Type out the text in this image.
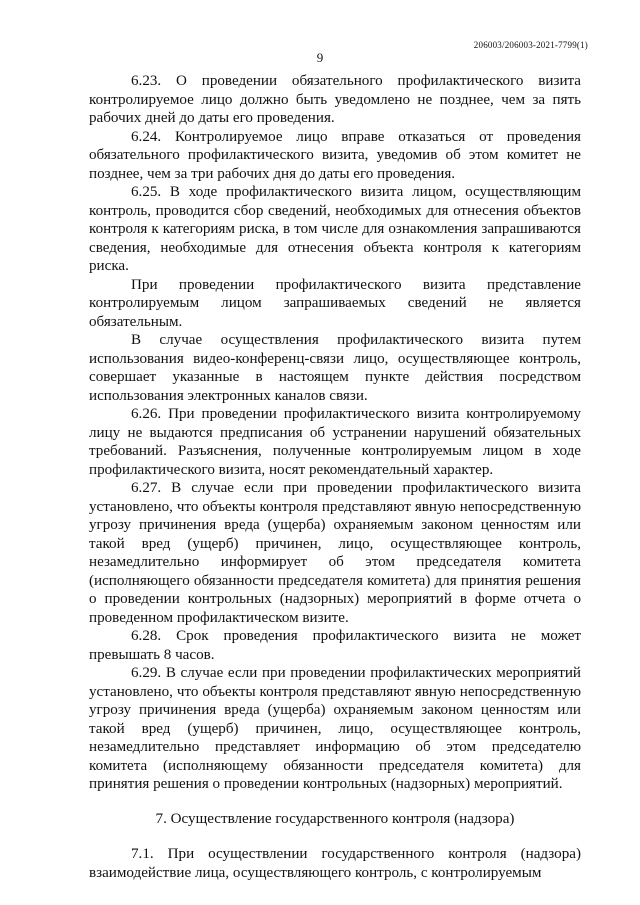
206003/206003-2021-7799(1)
9

6.23. О проведении обязательного профилактического визита контролируемое лицо должно быть уведомлено не позднее, чем за пять рабочих дней до даты его проведения.

6.24. Контролируемое лицо вправе отказаться от проведения обязательного профилактического визита, уведомив об этом комитет не позднее, чем за три рабочих дня до даты его проведения.

6.25. В ходе профилактического визита лицом, осуществляющим контроль, проводится сбор сведений, необходимых для отнесения объектов контроля к категориям риска, в том числе для ознакомления запрашиваются сведения, необходимые для отнесения объекта контроля к категориям риска.

При проведении профилактического визита представление контролируемым лицом запрашиваемых сведений не является обязательным.

В случае осуществления профилактического визита путем использования видео-конференц-связи лицо, осуществляющее контроль, совершает указанные в настоящем пункте действия посредством использования электронных каналов связи.

6.26. При проведении профилактического визита контролируемому лицу не выдаются предписания об устранении нарушений обязательных требований. Разъяснения, полученные контролируемым лицом в ходе профилактического визита, носят рекомендательный характер.

6.27. В случае если при проведении профилактического визита установлено, что объекты контроля представляют явную непосредственную угрозу причинения вреда (ущерба) охраняемым законом ценностям или такой вред (ущерб) причинен, лицо, осуществляющее контроль, незамедлительно информирует об этом председателя комитета (исполняющего обязанности председателя комитета) для принятия решения о проведении контрольных (надзорных) мероприятий в форме отчета о проведенном профилактическом визите.

6.28. Срок проведения профилактического визита не может превышать 8 часов.

6.29. В случае если при проведении профилактических мероприятий установлено, что объекты контроля представляют явную непосредственную угрозу причинения вреда (ущерба) охраняемым законом ценностям или такой вред (ущерб) причинен, лицо, осуществляющее контроль, незамедлительно представляет информацию об этом председателю комитета (исполняющему обязанности председателя комитета) для принятия решения о проведении контрольных (надзорных) мероприятий.

7. Осуществление государственного контроля (надзора)

7.1. При осуществлении государственного контроля (надзора) взаимодействие лица, осуществляющего контроль, с контролируемым
